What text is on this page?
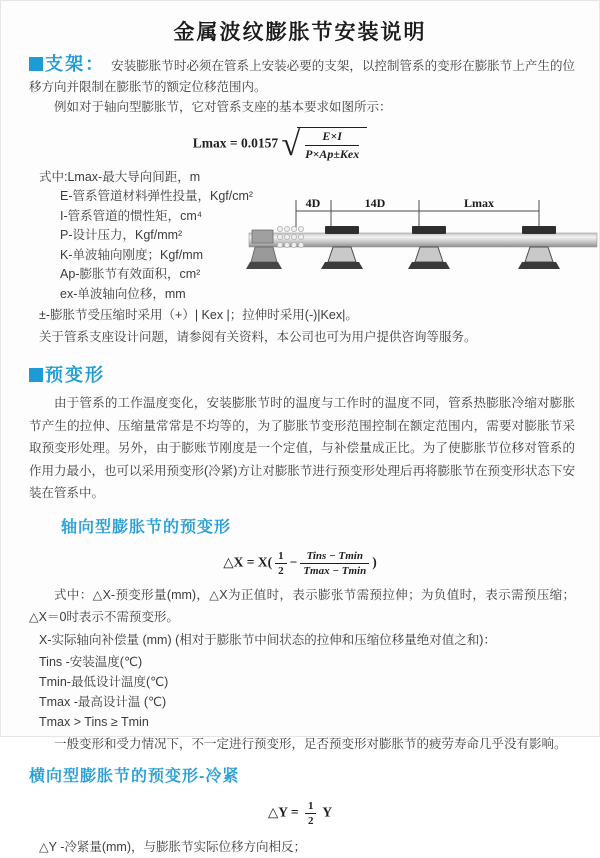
金属波纹膨胀节安装说明

支架： 安装膨胀节时必须在管系上安装必要的支架，以控制管系的变形在膨胀节上产生的位移方向并限制在膨胀节的额定位移范围内。

例如对于轴向型膨胀节，它对管系支座的基本要求如图所示：

Lmax = 0.0157 √
$\frac{E\times I}{\text{P×Ap±Kex}}$
式中:Lmax-最大导向间距，m
E-管系管道材料弹性投量，Kgf/cm²
I-管系管道的惯性矩，cm⁴
P-设计压力，Kgf/mm²
K-单波轴向刚度；Kgf/mm
Ap-膨胀节有效面积，cm²
ex-单波轴向位移，mm
±-膨胀节受压缩时采用（+）| Kex |；拉伸时采用(-)|Kex|。
关于管系支座设计问题，请参阅有关资料，本公司也可为用户提供咨询等服务。
4D	14D	Lmax
预变形

由于管系的工作温度变化，安装膨胀节时的温度与工作时的温度不同，管系热膨胀冷缩对膨胀节产生的拉伸、压缩量常常是不均等的，为了膨胀节变形范围控制在额定范围内，需要对膨胀节采取预变形处理。另外，由于膨账节刚度是一个定值，与补偿量成正比。为了使膨胀节位移对管系的作用力最小，也可以采用预变形(冷紧)方让对膨胀节进行预变形处理后再将膨胀节在预变形状态下安装在管系中。

轴向型膨胀节的预变形
△X = $X( \frac{1}{2}$ − Tins − Tmin
Tmax − Tmin
)

式中：△X-预变形量(mm)，△X为正值时，表示膨张节需预拉伸；为负值时，表示需预压缩；△X＝0时表示不需预变形。

X-实际轴向补偿量 (mm) (相对于膨胀节中间状态的拉伸和压缩位移量绝对值之和)：
Tins -安装温度(℃)
Tmin-最低设计温度(℃)
Tmax -最高设计温 (℃)
Tmax > Tins ≥ Tmin

一般变形和受力情况下，不一定进行预变形，足否预变形对膨胀节的疲劳寿命几乎没有影响。

横向型膨胀节的预变形-冷紧
△Y = $\frac{1}{2}$ Y
△Y -冷紧量(mm)，与膨胀节实际位移方向相反；
